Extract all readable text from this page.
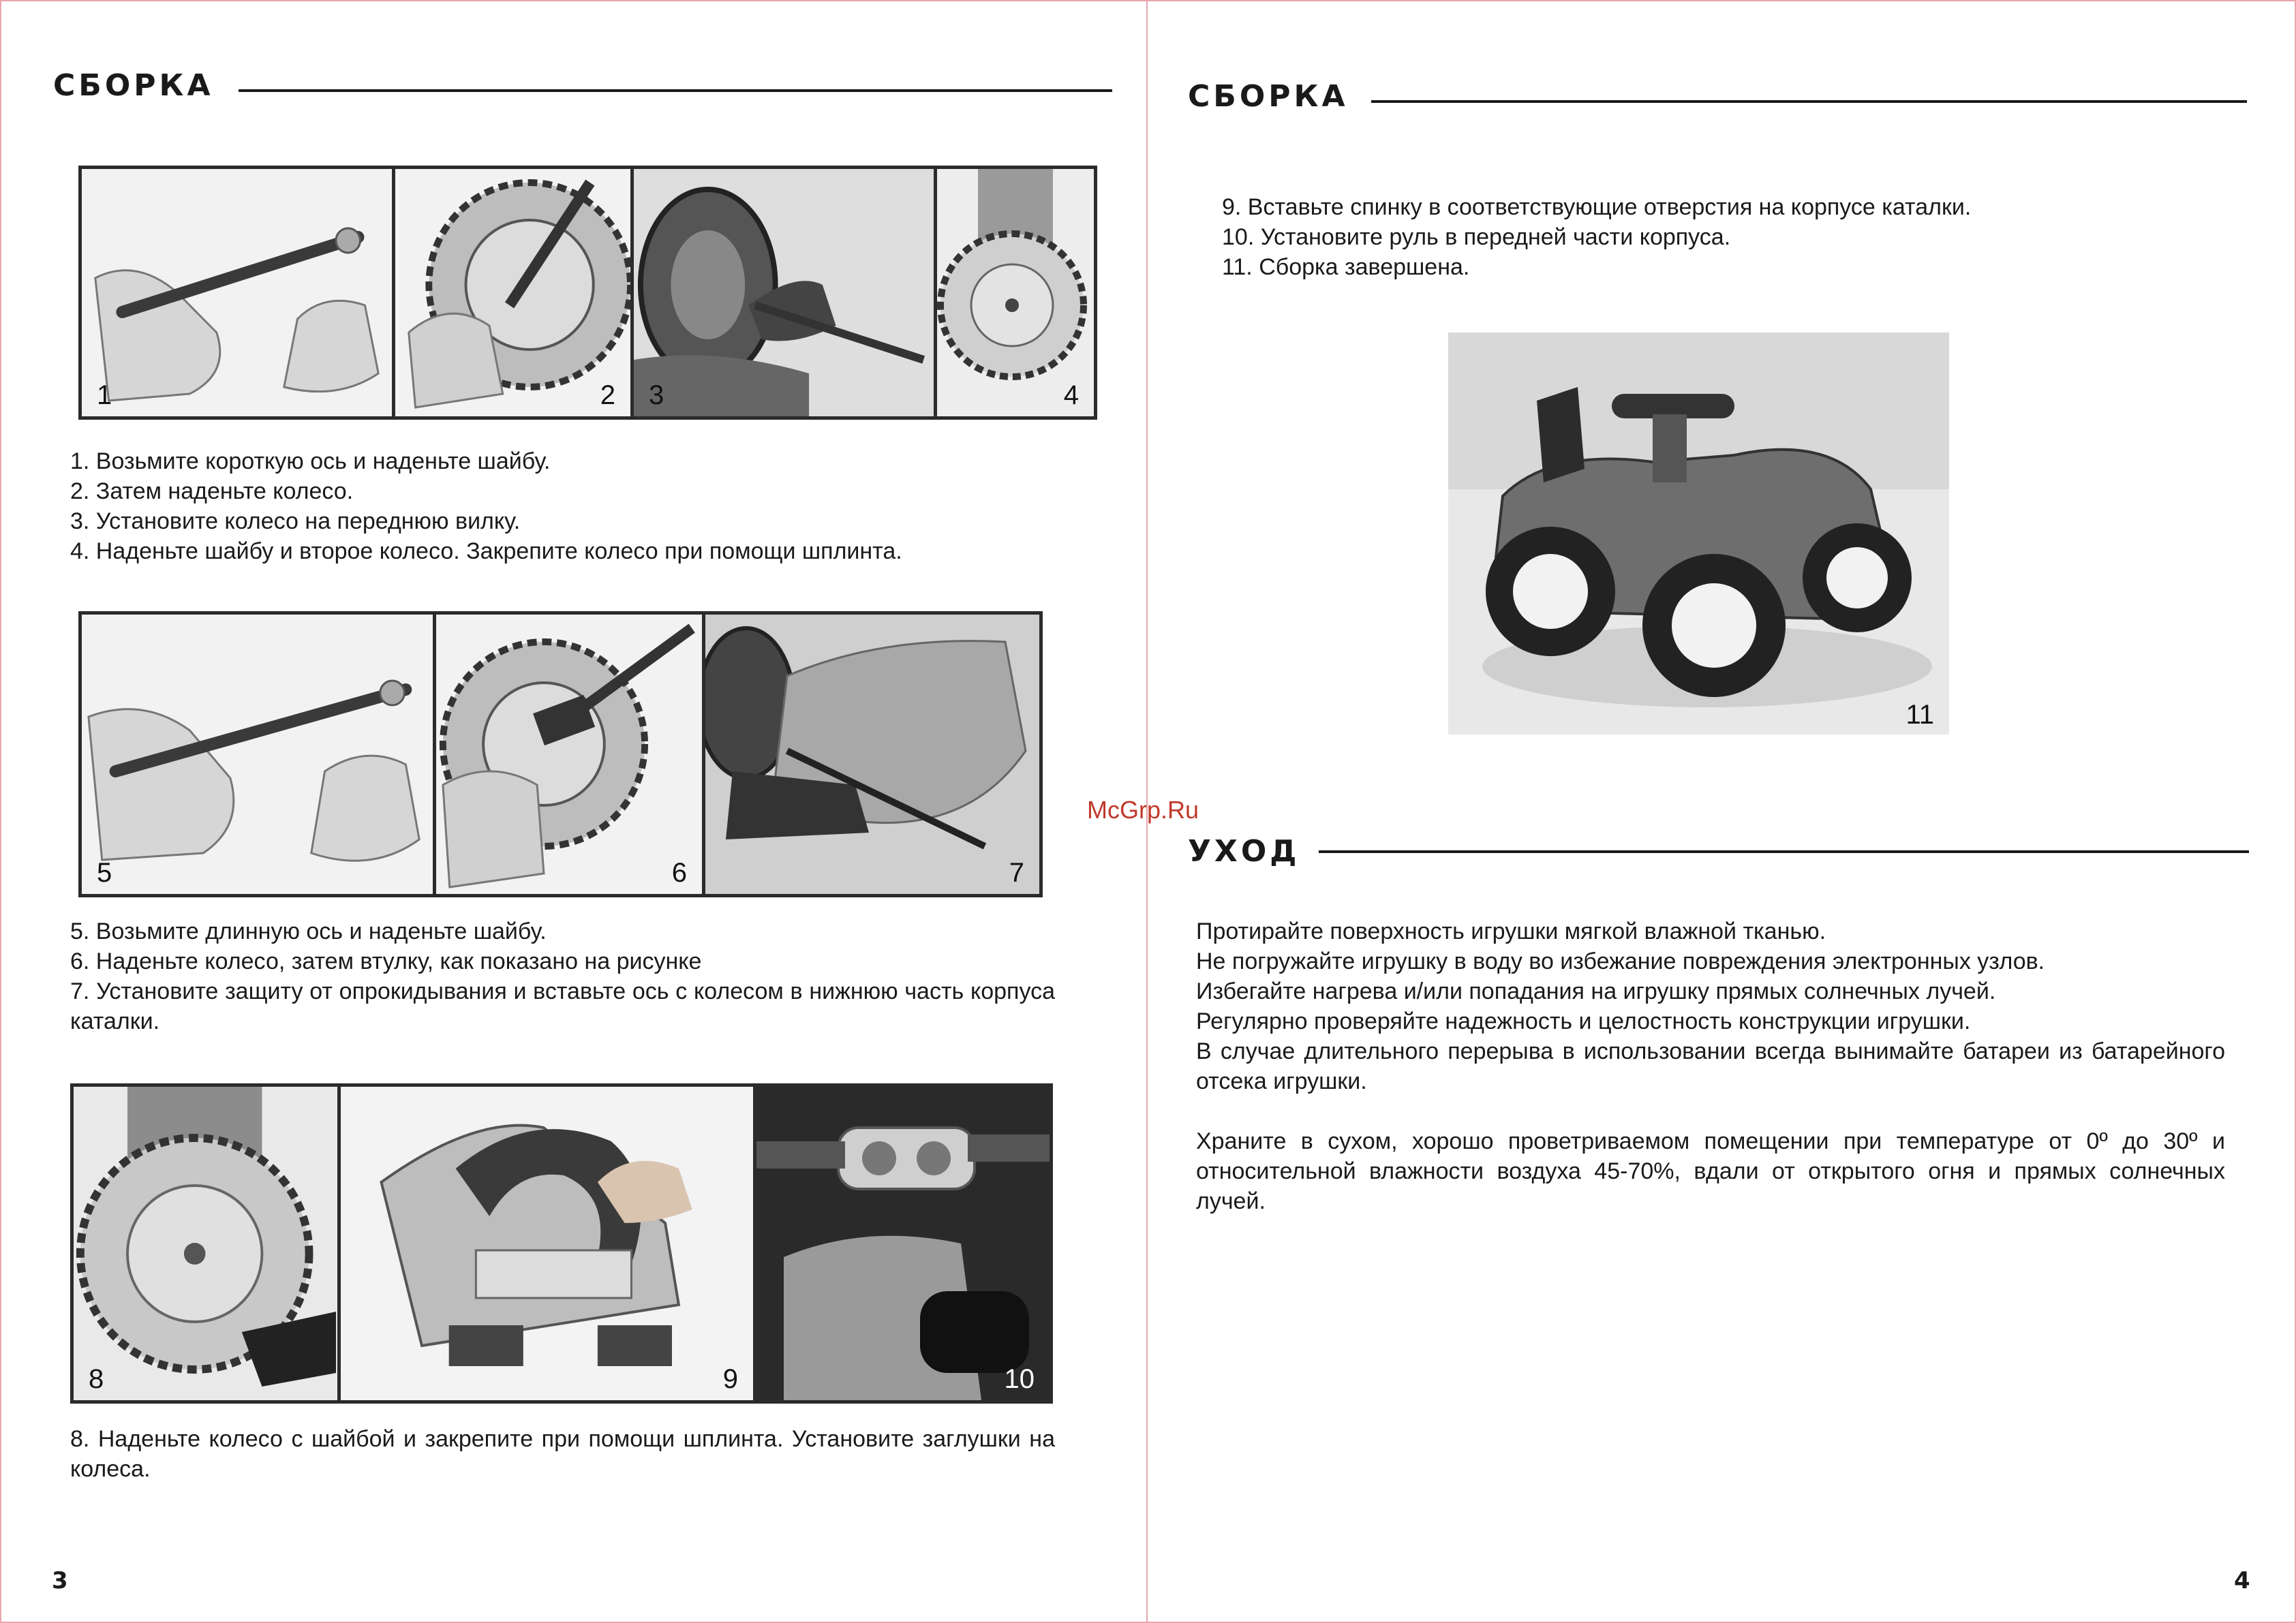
СБОРКА
1	2 3	4

1. Возьмите короткую ось и наденьте шайбу.

2. Затем наденьте колесо.

3. Установите колесо на переднюю вилку.

4. Наденьте шайбу и второе колесо. Закрепите колесо при помощи шплинта.

5	6	7

5. Возьмите длинную ось и наденьте шайбу.

6. Наденьте колесо, затем втулку, как показано на рисунке

7. Установите защиту от опрокидывания и вставьте ось с колесом в нижнюю часть корпуса каталки.

8	9	10

8. Наденьте колесо с шайбой и закрепите при помощи шплинта. Установите заглушки на колеса.

3
СБОРКА

9. Вставьте спинку в соответствующие отверстия на корпусе каталки.

10. Установите руль в передней части корпуса.

11. Сборка завершена.

11
McGrp.Ru
УХОД

Протирайте поверхность игрушки мягкой влажной тканью.

Не погружайте игрушку в воду во избежание повреждения электронных узлов.

Избегайте нагрева и/или попадания на игрушку прямых солнечных лучей.

Регулярно проверяйте надежность и целостность конструкции игрушки.

В случае длительного перерыва в использовании всегда вынимайте батареи из батарейного отсека игрушки.

Храните в сухом, хорошо проветриваемом помещении при температуре от 0º до 30º и относительной влажности воздуха 45-70%, вдали от открытого огня и прямых солнечных лучей.

4
